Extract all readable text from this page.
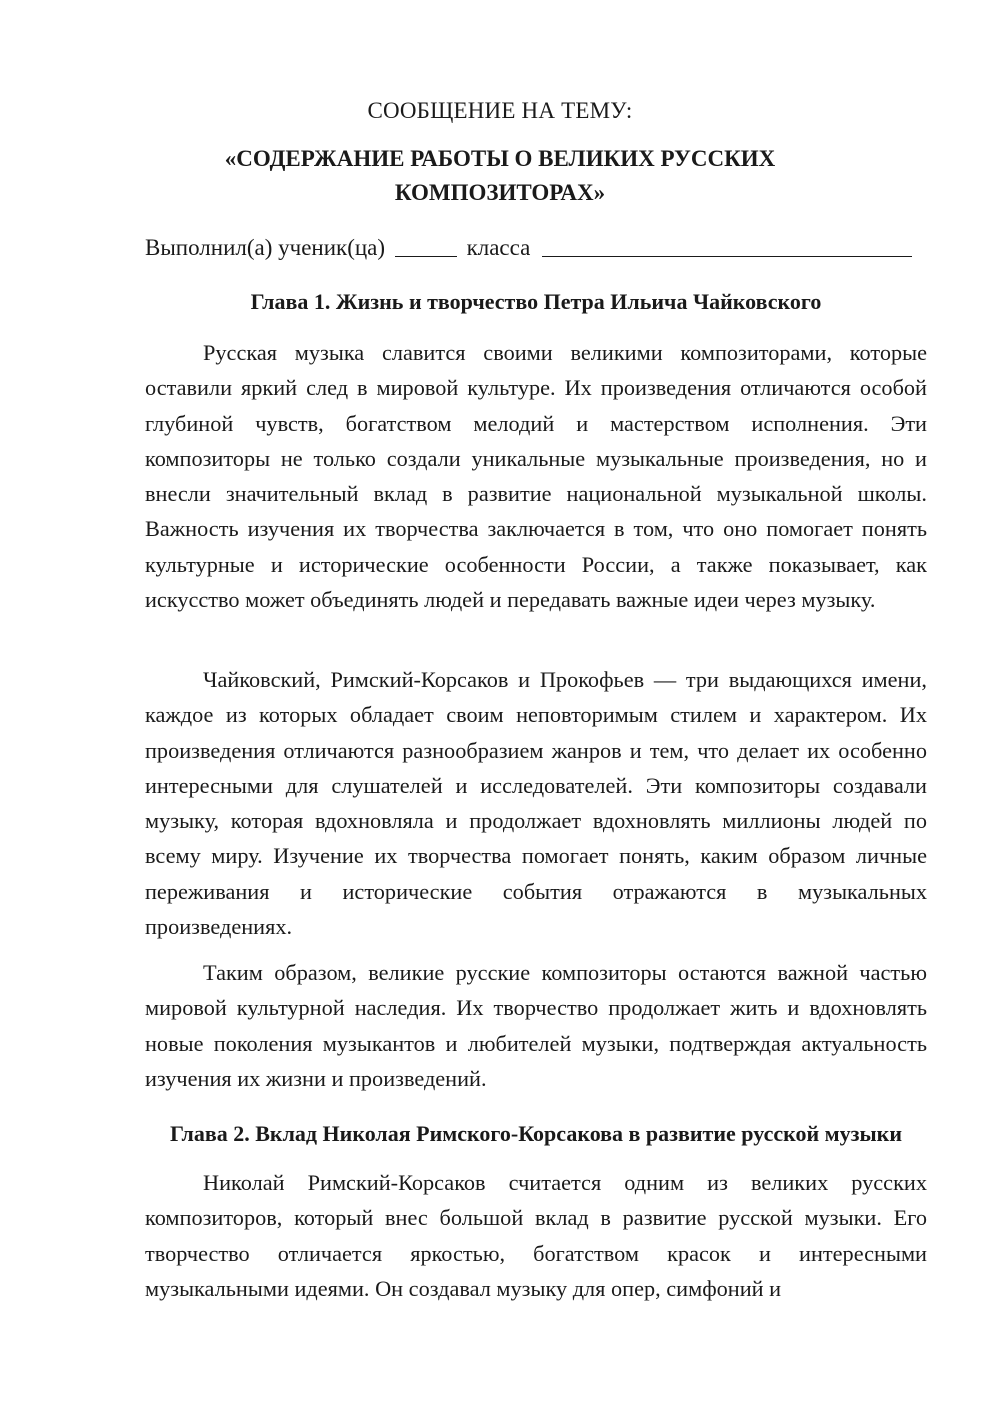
СООБЩЕНИЕ НА ТЕМУ:
«СОДЕРЖАНИЕ РАБОТЫ О ВЕЛИКИХ РУССКИХ
КОМПОЗИТОРАХ»
Выполнил(а) ученик(ца)	класса
Глава 1. Жизнь и творчество Петра Ильича Чайковского

Русская музыка славится своими великими композиторами, которые оставили яркий след в мировой культуре. Их произведения отличаются особой глубиной чувств, богатством мелодий и мастерством исполнения. Эти композиторы не только создали уникальные музыкальные произведения, но и внесли значительный вклад в развитие национальной музыкальной школы. Важность изучения их творчества заключается в том, что оно помогает понять культурные и исторические особенности России, а также показывает, как искусство может объединять людей и передавать важные идеи через музыку.

Чайковский, Римский-Корсаков и Прокофьев — три выдающихся имени, каждое из которых обладает своим неповторимым стилем и характером. Их произведения отличаются разнообразием жанров и тем, что делает их особенно интересными для слушателей и исследователей. Эти композиторы создавали музыку, которая вдохновляла и продолжает вдохновлять миллионы людей по всему миру. Изучение их творчества помогает понять, каким образом личные переживания и исторические события отражаются в музыкальных произведениях.

Таким образом, великие русские композиторы остаются важной частью мировой культурной наследия. Их творчество продолжает жить и вдохновлять новые поколения музыкантов и любителей музыки, подтверждая актуальность изучения их жизни и произведений.

Глава 2. Вклад Николая Римского-Корсакова в развитие русской музыки

Николай Римский-Корсаков считается одним из великих русских композиторов, который внес большой вклад в развитие русской музыки. Его творчество отличается яркостью, богатством красок и интересными музыкальными идеями. Он создавал музыку для опер, симфоний и
